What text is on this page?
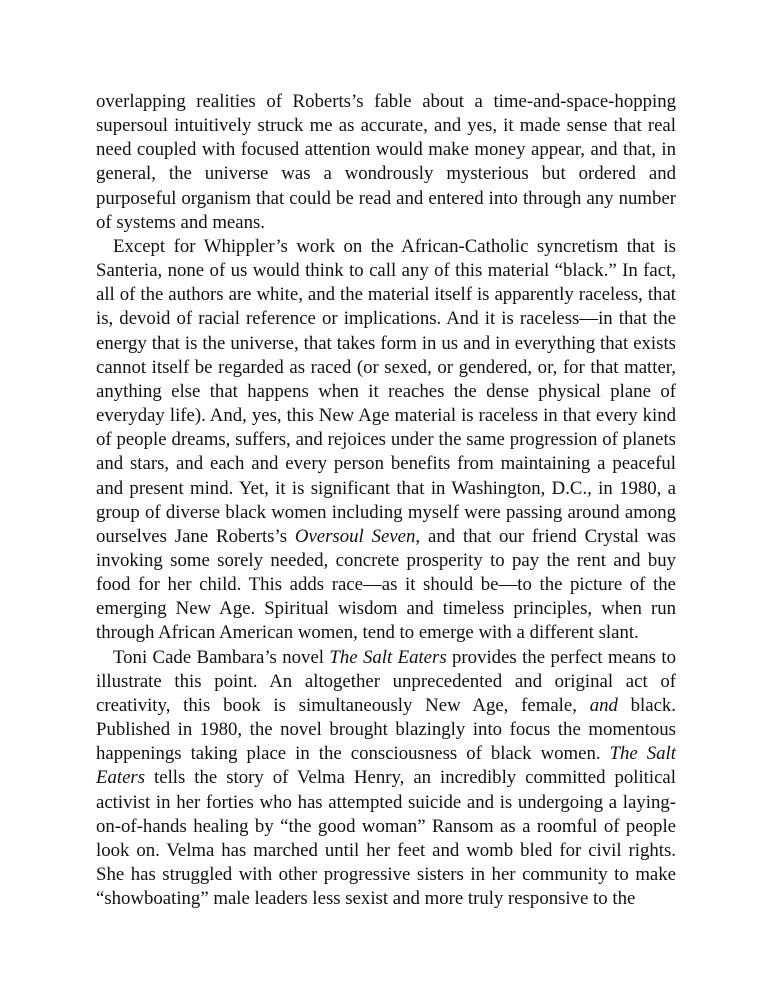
overlapping realities of Roberts’s fable about a time-and-space-hopping supersoul intuitively struck me as accurate, and yes, it made sense that real need coupled with focused attention would make money appear, and that, in general, the universe was a wondrously mysterious but ordered and purposeful organism that could be read and entered into through any number of systems and means.

Except for Whippler’s work on the African-Catholic syncretism that is Santeria, none of us would think to call any of this material “black.” In fact, all of the authors are white, and the material itself is apparently raceless, that is, devoid of racial reference or implications. And it is raceless—in that the energy that is the universe, that takes form in us and in everything that exists cannot itself be regarded as raced (or sexed, or gendered, or, for that matter, anything else that happens when it reaches the dense physical plane of everyday life). And, yes, this New Age material is raceless in that every kind of people dreams, suffers, and rejoices under the same progression of planets and stars, and each and every person benefits from maintaining a peaceful and present mind. Yet, it is significant that in Washington, D.C., in 1980, a group of diverse black women including myself were passing around among ourselves Jane Roberts’s Oversoul Seven, and that our friend Crystal was invoking some sorely needed, concrete prosperity to pay the rent and buy food for her child. This adds race—as it should be—to the picture of the emerging New Age. Spiritual wisdom and timeless principles, when run through African American women, tend to emerge with a different slant.

Toni Cade Bambara’s novel The Salt Eaters provides the perfect means to illustrate this point. An altogether unprecedented and original act of creativity, this book is simultaneously New Age, female, and black. Published in 1980, the novel brought blazingly into focus the momentous happenings taking place in the consciousness of black women. The Salt Eaters tells the story of Velma Henry, an incredibly committed political activist in her forties who has attempted suicide and is undergoing a laying-on-of-hands healing by “the good woman” Ransom as a roomful of people look on. Velma has marched until her feet and womb bled for civil rights. She has struggled with other progressive sisters in her community to make “showboating” male leaders less sexist and more truly responsive to the
